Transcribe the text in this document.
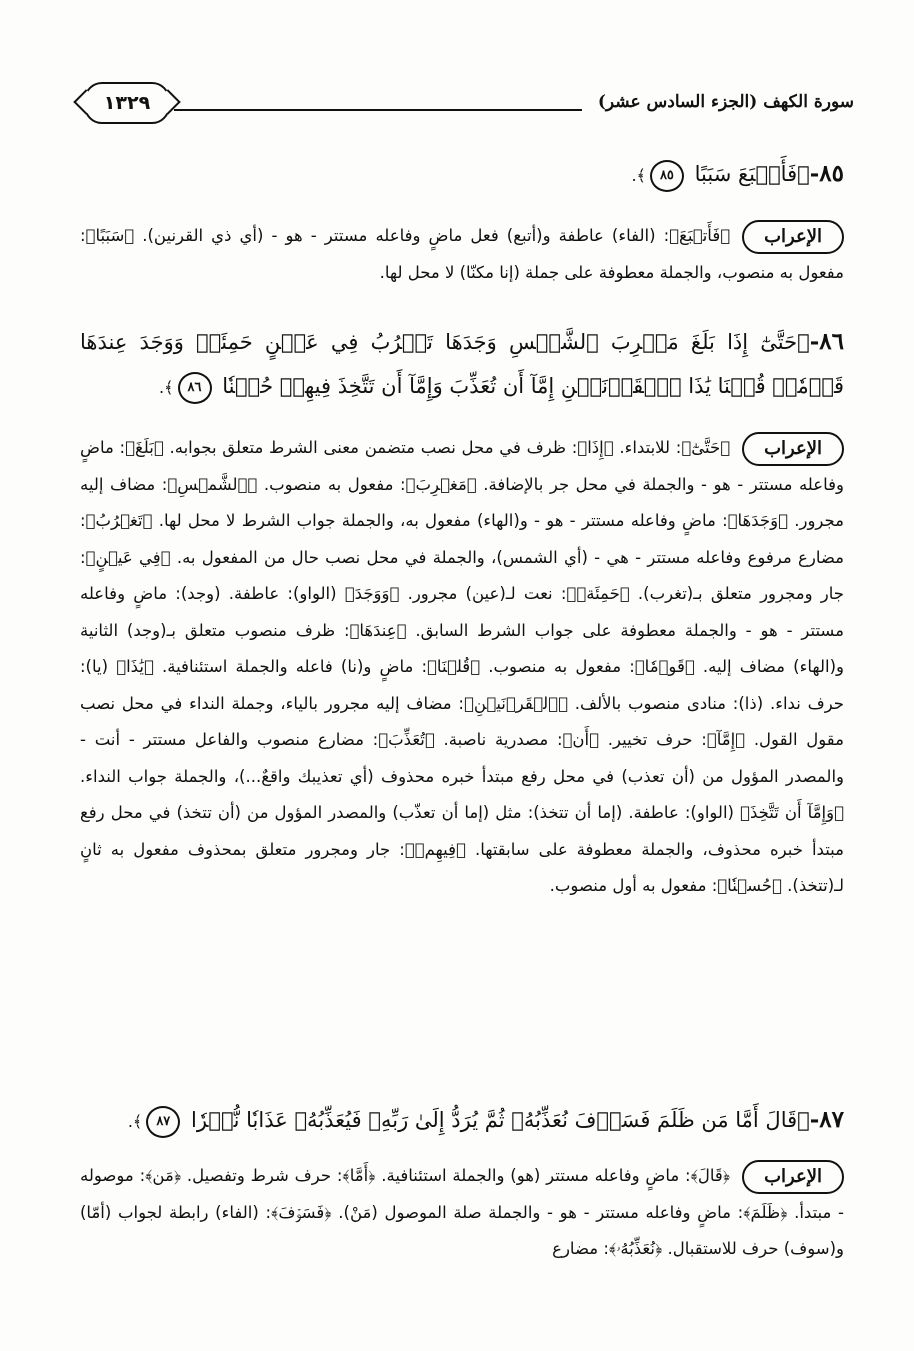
سورة الكهف (الجزء السادس عشر)
١٣٢٩
٨٥-﴿فَأَتۡبَعَ سَبَبًا ٨٥﴾.
الإعراب
﴿فَأَتۡبَعَ﴾: (الفاء) عاطفة و(أتبع) فعل ماضٍ وفاعله مستتر - هو - (أي ذي القرنين). ﴿سَبَبًا﴾: مفعول به منصوب، والجملة معطوفة على جملة (إنا مكنّا) لا محل لها.
٨٦-﴿حَتَّىٰٓ إِذَا بَلَغَ مَغۡرِبَ ٱلشَّمۡسِ وَجَدَهَا تَغۡرُبُ فِي عَيۡنٍ حَمِئَةٖ وَوَجَدَ عِندَهَا قَوۡمٗاۗ قُلۡنَا يَٰذَا ٱلۡقَرۡنَيۡنِ إِمَّآ أَن تُعَذِّبَ وَإِمَّآ أَن تَتَّخِذَ فِيهِمۡ حُسۡنٗا ٨٦﴾.
الإعراب
﴿حَتَّىٰٓ﴾: للابتداء. ﴿إِذَا﴾: ظرف في محل نصب متضمن معنى الشرط متعلق بجوابه. ﴿بَلَغَ﴾: ماضٍ وفاعله مستتر - هو - والجملة في محل جر بالإضافة. ﴿مَغۡرِبَ﴾: مفعول به منصوب. ﴿ٱلشَّمۡسِ﴾: مضاف إليه مجرور. ﴿وَجَدَهَا﴾: ماضٍ وفاعله مستتر - هو - و(الهاء) مفعول به، والجملة جواب الشرط لا محل لها. ﴿تَغۡرُبُ﴾: مضارع مرفوع وفاعله مستتر - هي - (أي الشمس)، والجملة في محل نصب حال من المفعول به. ﴿فِي عَيۡنٍ﴾: جار ومجرور متعلق بـ(تغرب). ﴿حَمِئَةٖ﴾: نعت لـ(عين) مجرور. ﴿وَوَجَدَ﴾ (الواو): عاطفة. (وجد): ماضٍ وفاعله مستتر - هو - والجملة معطوفة على جواب الشرط السابق. ﴿عِندَهَا﴾: ظرف منصوب متعلق بـ(وجد) الثانية و(الهاء) مضاف إليه. ﴿قَوۡمٗا﴾: مفعول به منصوب. ﴿قُلۡنَا﴾: ماضٍ و(نا) فاعله والجملة استئنافية. ﴿يَٰذَا﴾ (يا): حرف نداء. (ذا): منادى منصوب بالألف. ﴿ٱلۡقَرۡنَيۡنِ﴾: مضاف إليه مجرور بالياء، وجملة النداء في محل نصب مقول القول. ﴿إِمَّآ﴾: حرف تخيير. ﴿أَن﴾: مصدرية ناصبة. ﴿تُعَذِّبَ﴾: مضارع منصوب والفاعل مستتر - أنت - والمصدر المؤول من (أن تعذب) في محل رفع مبتدأ خبره محذوف (أي تعذيبك واقعٌ...)، والجملة جواب النداء. ﴿وَإِمَّآ أَن تَتَّخِذَ﴾ (الواو): عاطفة. (إما أن تتخذ): مثل (إما أن تعذّب) والمصدر المؤول من (أن تتخذ) في محل رفع مبتدأ خبره محذوف، والجملة معطوفة على سابقتها. ﴿فِيهِمۡ﴾: جار ومجرور متعلق بمحذوف مفعول به ثانٍ لـ(تتخذ). ﴿حُسۡنٗا﴾: مفعول به أول منصوب.
٨٧-﴿قَالَ أَمَّا مَن ظَلَمَ فَسَوۡفَ نُعَذِّبُهُۥ ثُمَّ يُرَدُّ إِلَىٰ رَبِّهِۦ فَيُعَذِّبُهُۥ عَذَابٗا نُّكۡرٗا ٨٧﴾.
الإعراب
﴿قَالَ﴾: ماضٍ وفاعله مستتر (هو) والجملة استئنافية. ﴿أَمَّا﴾: حرف شرط وتفصيل. ﴿مَن﴾: موصوله - مبتدأ. ﴿ظَلَمَ﴾: ماضٍ وفاعله مستتر - هو - والجملة صلة الموصول (مَنْ). ﴿فَسَوۡفَ﴾: (الفاء) رابطة لجواب (أمّا) و(سوف) حرف للاستقبال. ﴿نُعَذِّبُهُۥ﴾: مضارع
